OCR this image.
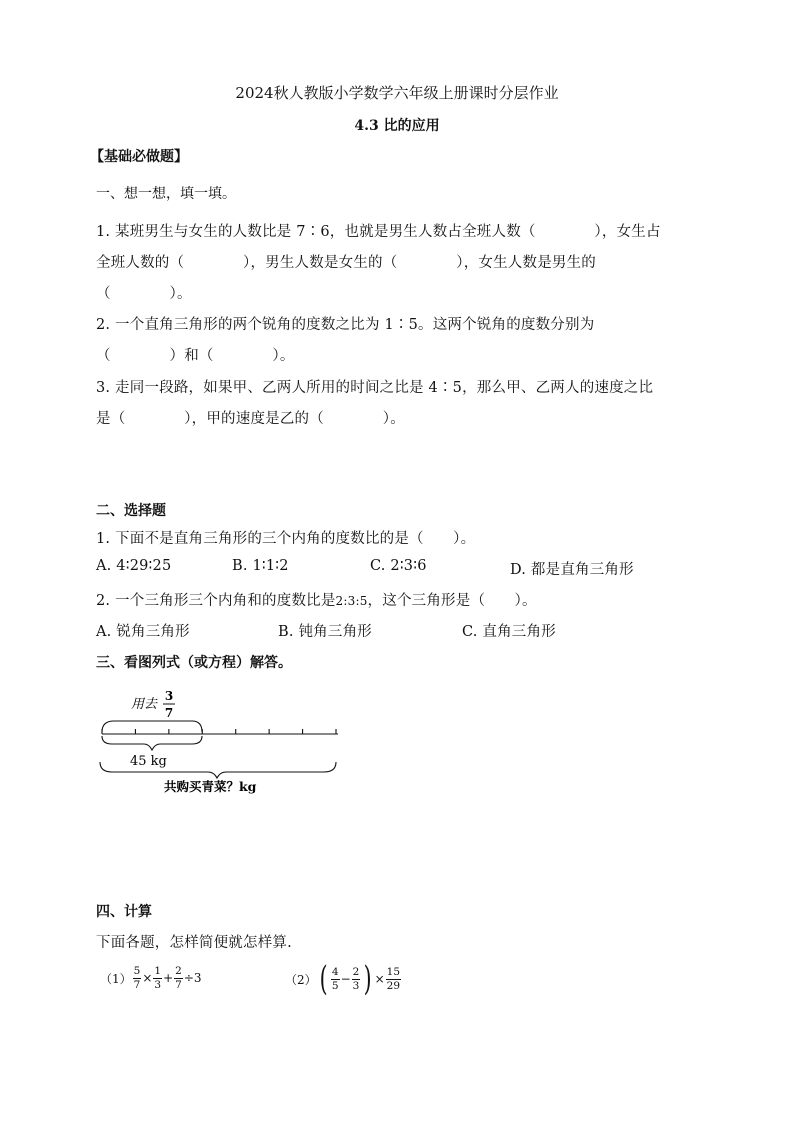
2024秋人教版小学数学六年级上册课时分层作业
4.3 比的应用
【基础必做题】
一、想一想，填一填。
1. 某班男生与女生的人数比是 7∶6，也就是男生人数占全班人数（　　　　），女生占
全班人数的（　　　　），男生人数是女生的（　　　　），女生人数是男生的
（　　　　）。
2. 一个直角三角形的两个锐角的度数之比为 1∶5。这两个锐角的度数分别为
（　　　　）和（　　　　）。
3. 走同一段路，如果甲、乙两人所用的时间之比是 4∶5，那么甲、乙两人的速度之比
是（　　　　），甲的速度是乙的（　　　　）。
二、选择题
1. 下面不是直角三角形的三个内角的度数比的是（　　）。
A. 4∶29∶25	B. 1∶1∶2	C. 2∶3∶6	D. 都是直角三角形
2. 一个三角形三个内角和的度数比是2:3:5，这个三角形是（　　）。
A. 锐角三角形	B. 钝角三角形	C. 直角三角形
三、看图列式（或方程）解答。
用去
3
7
45 kg
共购买青菜？kg
四、计算
下面各题，怎样简便就怎样算.
$(1) \frac{5}{7} \times \frac{1}{3} + \frac{2}{7} \div 3$	（2） ( $\frac{4}{5} - \frac{2}{3}$ ) × $\frac{15}{29}$
